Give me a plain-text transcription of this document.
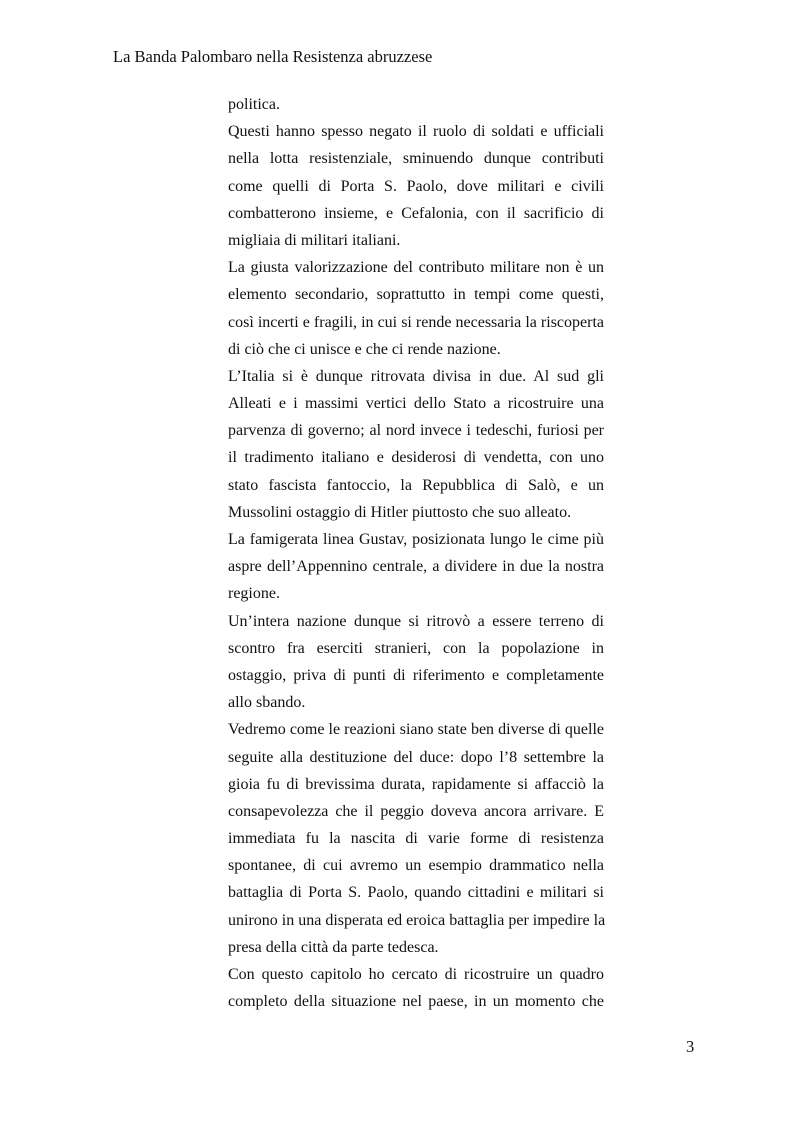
La Banda Palombaro nella Resistenza abruzzese

politica.

Questi hanno spesso negato il ruolo di soldati e ufficiali
nella lotta resistenziale, sminuendo dunque contributi
come quelli di Porta S. Paolo, dove militari e civili
combatterono insieme, e Cefalonia, con il sacrificio di
migliaia di militari italiani.

La giusta valorizzazione del contributo militare non è un
elemento secondario, soprattutto in tempi come questi,
così incerti e fragili, in cui si rende necessaria la riscoperta
di ciò che ci unisce e che ci rende nazione.

L’Italia si è dunque ritrovata divisa in due. Al sud gli
Alleati e i massimi vertici dello Stato a ricostruire una
parvenza di governo; al nord invece i tedeschi, furiosi per
il tradimento italiano e desiderosi di vendetta, con uno
stato fascista fantoccio, la Repubblica di Salò, e un
Mussolini ostaggio di Hitler piuttosto che suo alleato.

La famigerata linea Gustav, posizionata lungo le cime più
aspre dell’Appennino centrale, a dividere in due la nostra
regione.

Un’intera nazione dunque si ritrovò a essere terreno di
scontro fra eserciti stranieri, con la popolazione in
ostaggio, priva di punti di riferimento e completamente
allo sbando.

Vedremo come le reazioni siano state ben diverse di quelle
seguite alla destituzione del duce: dopo l’8 settembre la
gioia fu di brevissima durata, rapidamente si affacciò la
consapevolezza che il peggio doveva ancora arrivare. E
immediata fu la nascita di varie forme di resistenza
spontanee, di cui avremo un esempio drammatico nella
battaglia di Porta S. Paolo, quando cittadini e militari si
unirono in una disperata ed eroica battaglia per impedire la
presa della città da parte tedesca.

Con questo capitolo ho cercato di ricostruire un quadro
completo della situazione nel paese, in un momento che

3
